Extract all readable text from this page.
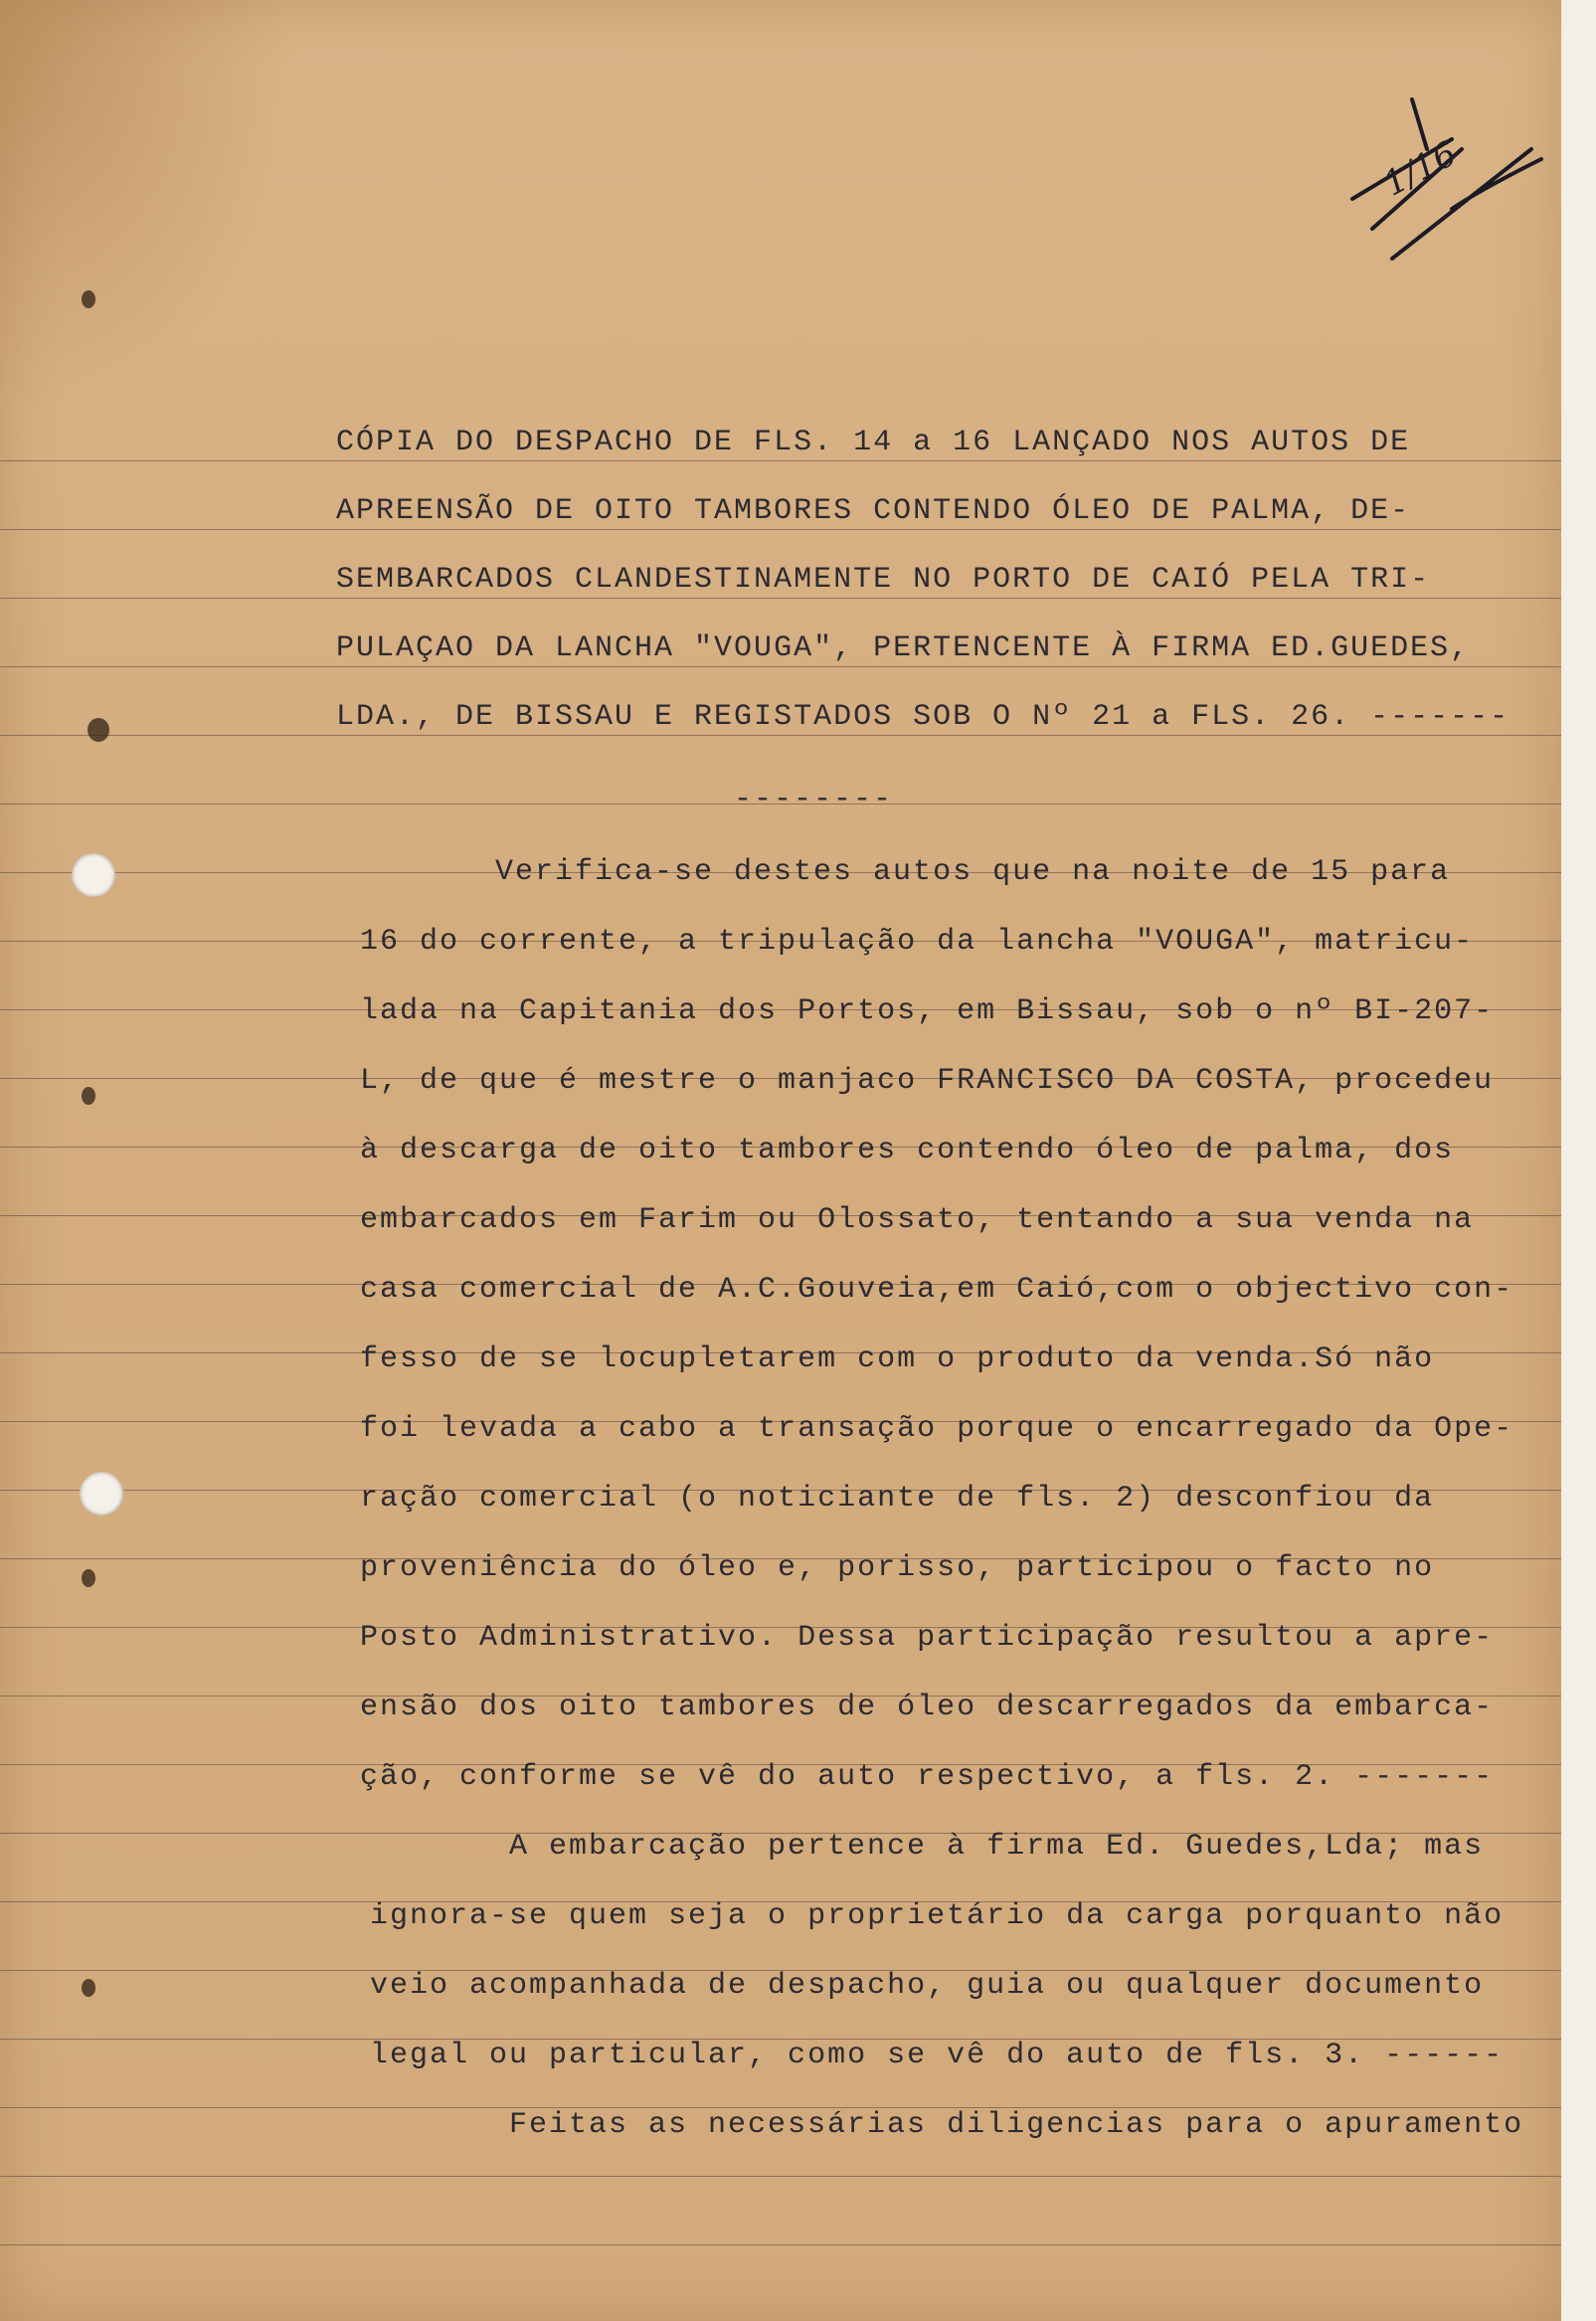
1/16
CÓPIA DO DESPACHO DE FLS. 14 a 16 LANÇADO NOS AUTOS DE
APREENSÃO DE OITO TAMBORES CONTENDO ÓLEO DE PALMA, DE-
SEMBARCADOS CLANDESTINAMENTE NO PORTO DE CAIÓ PELA TRI-
PULAÇAO DA LANCHA "VOUGA", PERTENCENTE À FIRMA ED.GUEDES,
LDA., DE BISSAU E REGISTADOS SOB O Nº 21 a FLS. 26. -------
--------
Verifica-se destes autos que na noite de 15 para
16 do corrente, a tripulação da lancha "VOUGA", matricu-
lada na Capitania dos Portos, em Bissau, sob o nº BI-207-
L, de que é mestre o manjaco FRANCISCO DA COSTA, procedeu
à descarga de oito tambores contendo óleo de palma, dos
embarcados em Farim ou Olossato, tentando a sua venda na
casa comercial de A.C.Gouveia,em Caió,com o objectivo con-
fesso de se locupletarem com o produto da venda.Só não
foi levada a cabo a transação porque o encarregado da Ope-
ração comercial (o noticiante de fls. 2) desconfiou da
proveniência do óleo e, porisso, participou o facto no
Posto Administrativo. Dessa participação resultou a apre-
ensão dos oito tambores de óleo descarregados da embarca-
ção, conforme se vê do auto respectivo, a fls. 2. -------
A embarcação pertence à firma Ed. Guedes,Lda; mas
ignora-se quem seja o proprietário da carga porquanto não
veio acompanhada de despacho, guia ou qualquer documento
legal ou particular, como se vê do auto de fls. 3. ------
Feitas as necessárias diligencias para o apuramento
